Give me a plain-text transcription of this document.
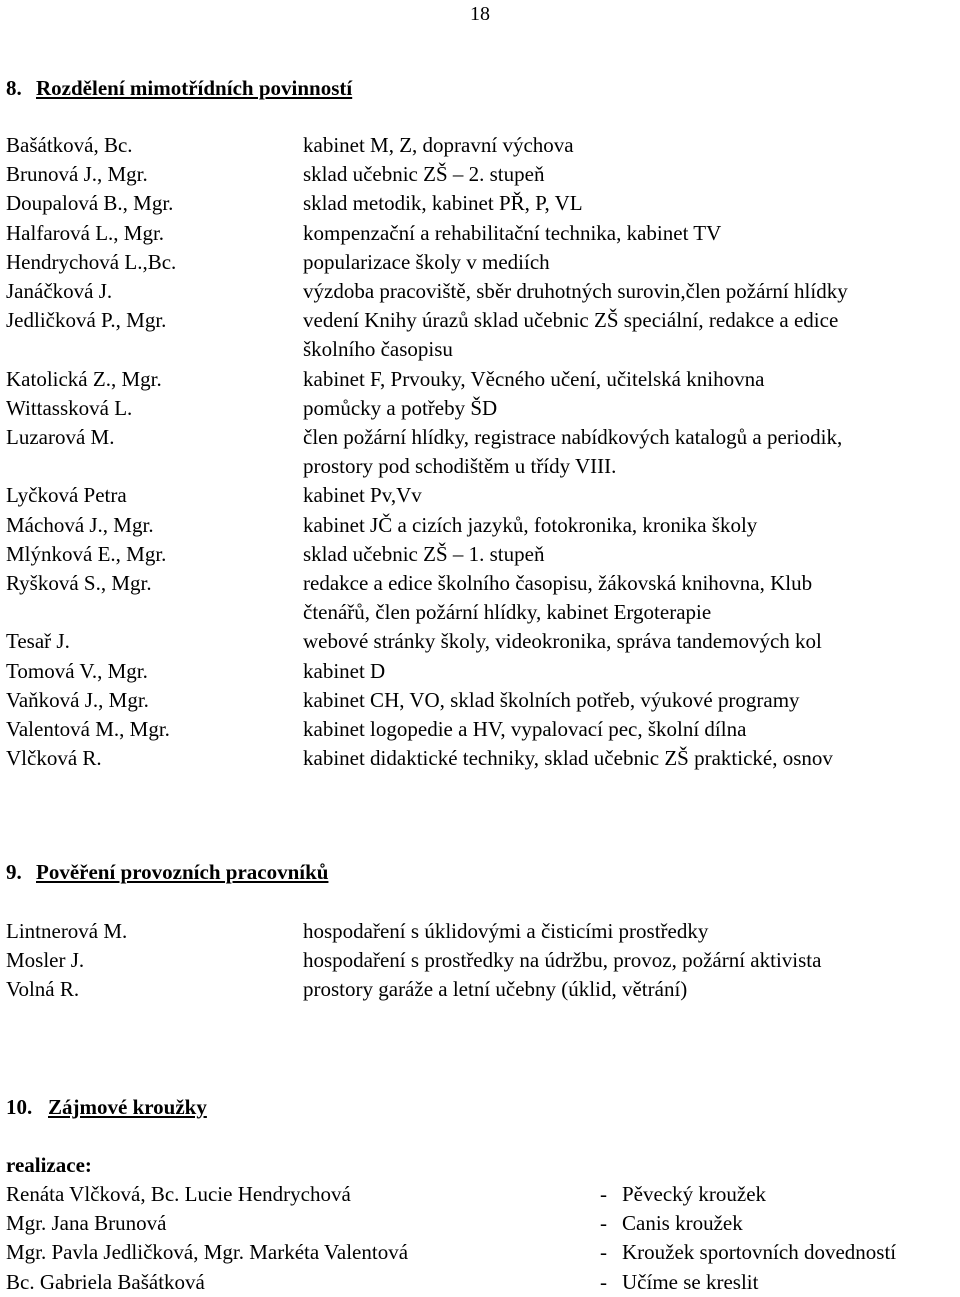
18
8. Rozdělení mimotřídních povinností
Bašátková, Bc.	kabinet M, Z, dopravní výchova
Brunová J., Mgr.	sklad učebnic ZŠ – 2. stupeň
Doupalová B., Mgr.	sklad metodik, kabinet PŘ, P, VL
Halfarová L., Mgr.	kompenzační a rehabilitační technika, kabinet TV
Hendrychová L.,Bc.	popularizace školy v mediích
Janáčková J.	výzdoba pracoviště, sběr druhotných surovin,člen požární hlídky
Jedličková P., Mgr.	vedení Knihy úrazů sklad učebnic ZŠ speciální, redakce a edice
školního časopisu
Katolická Z., Mgr.	kabinet F, Prvouky, Věcného učení, učitelská knihovna
Wittassková L.	pomůcky a potřeby ŠD
Luzarová M.	člen požární hlídky, registrace nabídkových katalogů a periodik,
prostory pod schodištěm u třídy VIII.
Lyčková Petra	kabinet Pv,Vv
Máchová J., Mgr.	kabinet JČ a cizích jazyků, fotokronika, kronika školy
Mlýnková E., Mgr.	sklad učebnic ZŠ – 1. stupeň
Ryšková S., Mgr.	redakce a edice školního časopisu, žákovská knihovna, Klub
čtenářů, člen požární hlídky, kabinet Ergoterapie
Tesař J.	webové stránky školy, videokronika, správa tandemových kol
Tomová V., Mgr.	kabinet D
Vaňková J., Mgr.	kabinet CH, VO, sklad školních potřeb, výukové programy
Valentová M., Mgr.	kabinet logopedie a HV, vypalovací pec, školní dílna
Vlčková R.	kabinet didaktické techniky, sklad učebnic ZŠ praktické, osnov
9. Pověření provozních pracovníků
Lintnerová M.	hospodaření s úklidovými a čisticími prostředky
Mosler J.	hospodaření s prostředky na údržbu, provoz, požární aktivista
Volná R.	prostory garáže a letní učebny (úklid, větrání)
10. Zájmové kroužky
realizace:
Renáta Vlčková, Bc. Lucie Hendrychová	- Pěvecký kroužek
Mgr. Jana Brunová	- Canis kroužek
Mgr. Pavla Jedličková, Mgr. Markéta Valentová	- Kroužek sportovních dovedností
Bc. Gabriela Bašátková	- Učíme se kreslit
